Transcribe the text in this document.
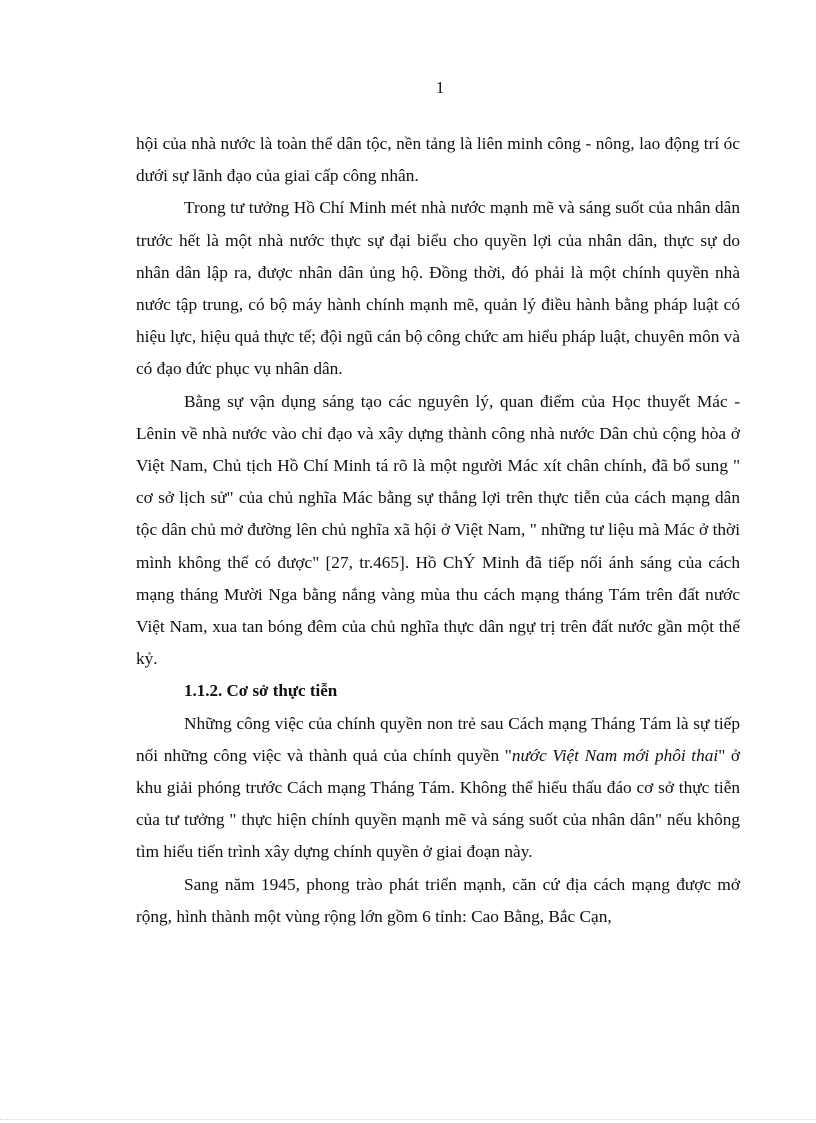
1

hội của nhà nước là toàn thể dân tộc, nền tảng là liên minh công - nông, lao động trí óc dưới sự lãnh đạo của giai cấp công nhân.

Trong tư tưởng Hồ Chí Minh mét nhà nước mạnh mẽ và sáng suốt của nhân dân trước hết là một nhà nước thực sự đại biểu cho quyền lợi của nhân dân, thực sự do nhân dân lập ra, được nhân dân ủng hộ. Đồng thời, đó phải là một chính quyền nhà nước tập trung, có bộ máy hành chính mạnh mẽ, quản lý điều hành bằng pháp luật có hiệu lực, hiệu quả thực tế; đội ngũ cán bộ công chức am hiểu pháp luật, chuyên môn và có đạo đức phục vụ nhân dân.

Bằng sự vận dụng sáng tạo các nguyên lý, quan điểm của Học thuyết Mác - Lênin về nhà nước vào chỉ đạo và xây dựng thành công nhà nước Dân chủ cộng hòa ở Việt Nam, Chủ tịch Hồ Chí Minh tá rõ là một người Mác xít chân chính, đã bổ sung " cơ sở lịch sử" của chủ nghĩa Mác bằng sự thắng lợi trên thực tiễn của cách mạng dân tộc dân chủ mở đường lên chủ nghĩa xã hội ở Việt Nam, " những tư liệu mà Mác ở thời mình không thể có được" [27, tr.465]. Hồ ChÝ Minh đã tiếp nối ánh sáng của cách mạng tháng Mười Nga bằng nắng vàng mùa thu cách mạng tháng Tám trên đất nước Việt Nam, xua tan bóng đêm của chủ nghĩa thực dân ngự trị trên đất nước gần một thế kỷ.

1.1.2. Cơ sở thực tiễn

Những công việc của chính quyền non trẻ sau Cách mạng Tháng Tám là sự tiếp nối những công việc và thành quả của chính quyền "nước Việt Nam mới phôi thai" ở khu giải phóng trước Cách mạng Tháng Tám. Không thể hiểu thấu đáo cơ sở thực tiễn của tư tưởng " thực hiện chính quyền mạnh mẽ và sáng suốt của nhân dân" nếu không tìm hiểu tiến trình xây dựng chính quyền ở giai đoạn này.

Sang năm 1945, phong trào phát triển mạnh, căn cứ địa cách mạng được mở rộng, hình thành một vùng rộng lớn gồm 6 tỉnh: Cao Bằng, Bắc Cạn,
